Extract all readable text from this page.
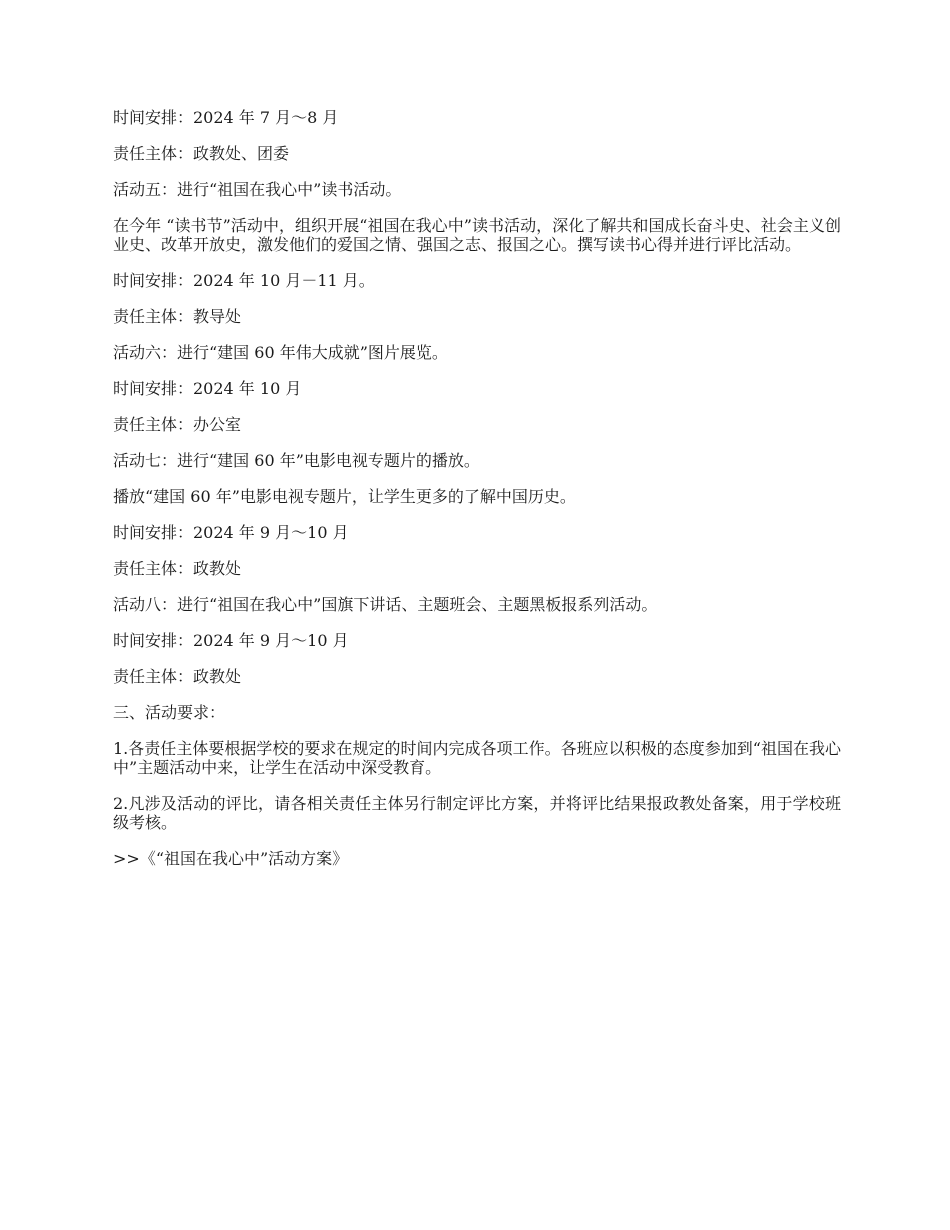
时间安排：2024 年 7 月～8 月

责任主体：政教处、团委

活动五：进行“祖国在我心中”读书活动。

在今年 “读书节”活动中，组织开展“祖国在我心中”读书活动，深化了解共和国成长奋斗史、社会主义创业史、改革开放史，激发他们的爱国之情、强国之志、报国之心。撰写读书心得并进行评比活动。

时间安排：2024 年 10 月－11 月。

责任主体：教导处

活动六：进行“建国 60 年伟大成就”图片展览。

时间安排：2024 年 10 月

责任主体：办公室

活动七：进行“建国 60 年”电影电视专题片的播放。

播放“建国 60 年”电影电视专题片，让学生更多的了解中国历史。

时间安排：2024 年 9 月～10 月

责任主体：政教处

活动八：进行“祖国在我心中”国旗下讲话、主题班会、主题黑板报系列活动。

时间安排：2024 年 9 月～10 月

责任主体：政教处

三、活动要求：

1.各责任主体要根据学校的要求在规定的时间内完成各项工作。各班应以积极的态度参加到“祖国在我心中”主题活动中来，让学生在活动中深受教育。

2.凡涉及活动的评比，请各相关责任主体另行制定评比方案，并将评比结果报政教处备案，用于学校班级考核。

>>《“祖国在我心中”活动方案》
